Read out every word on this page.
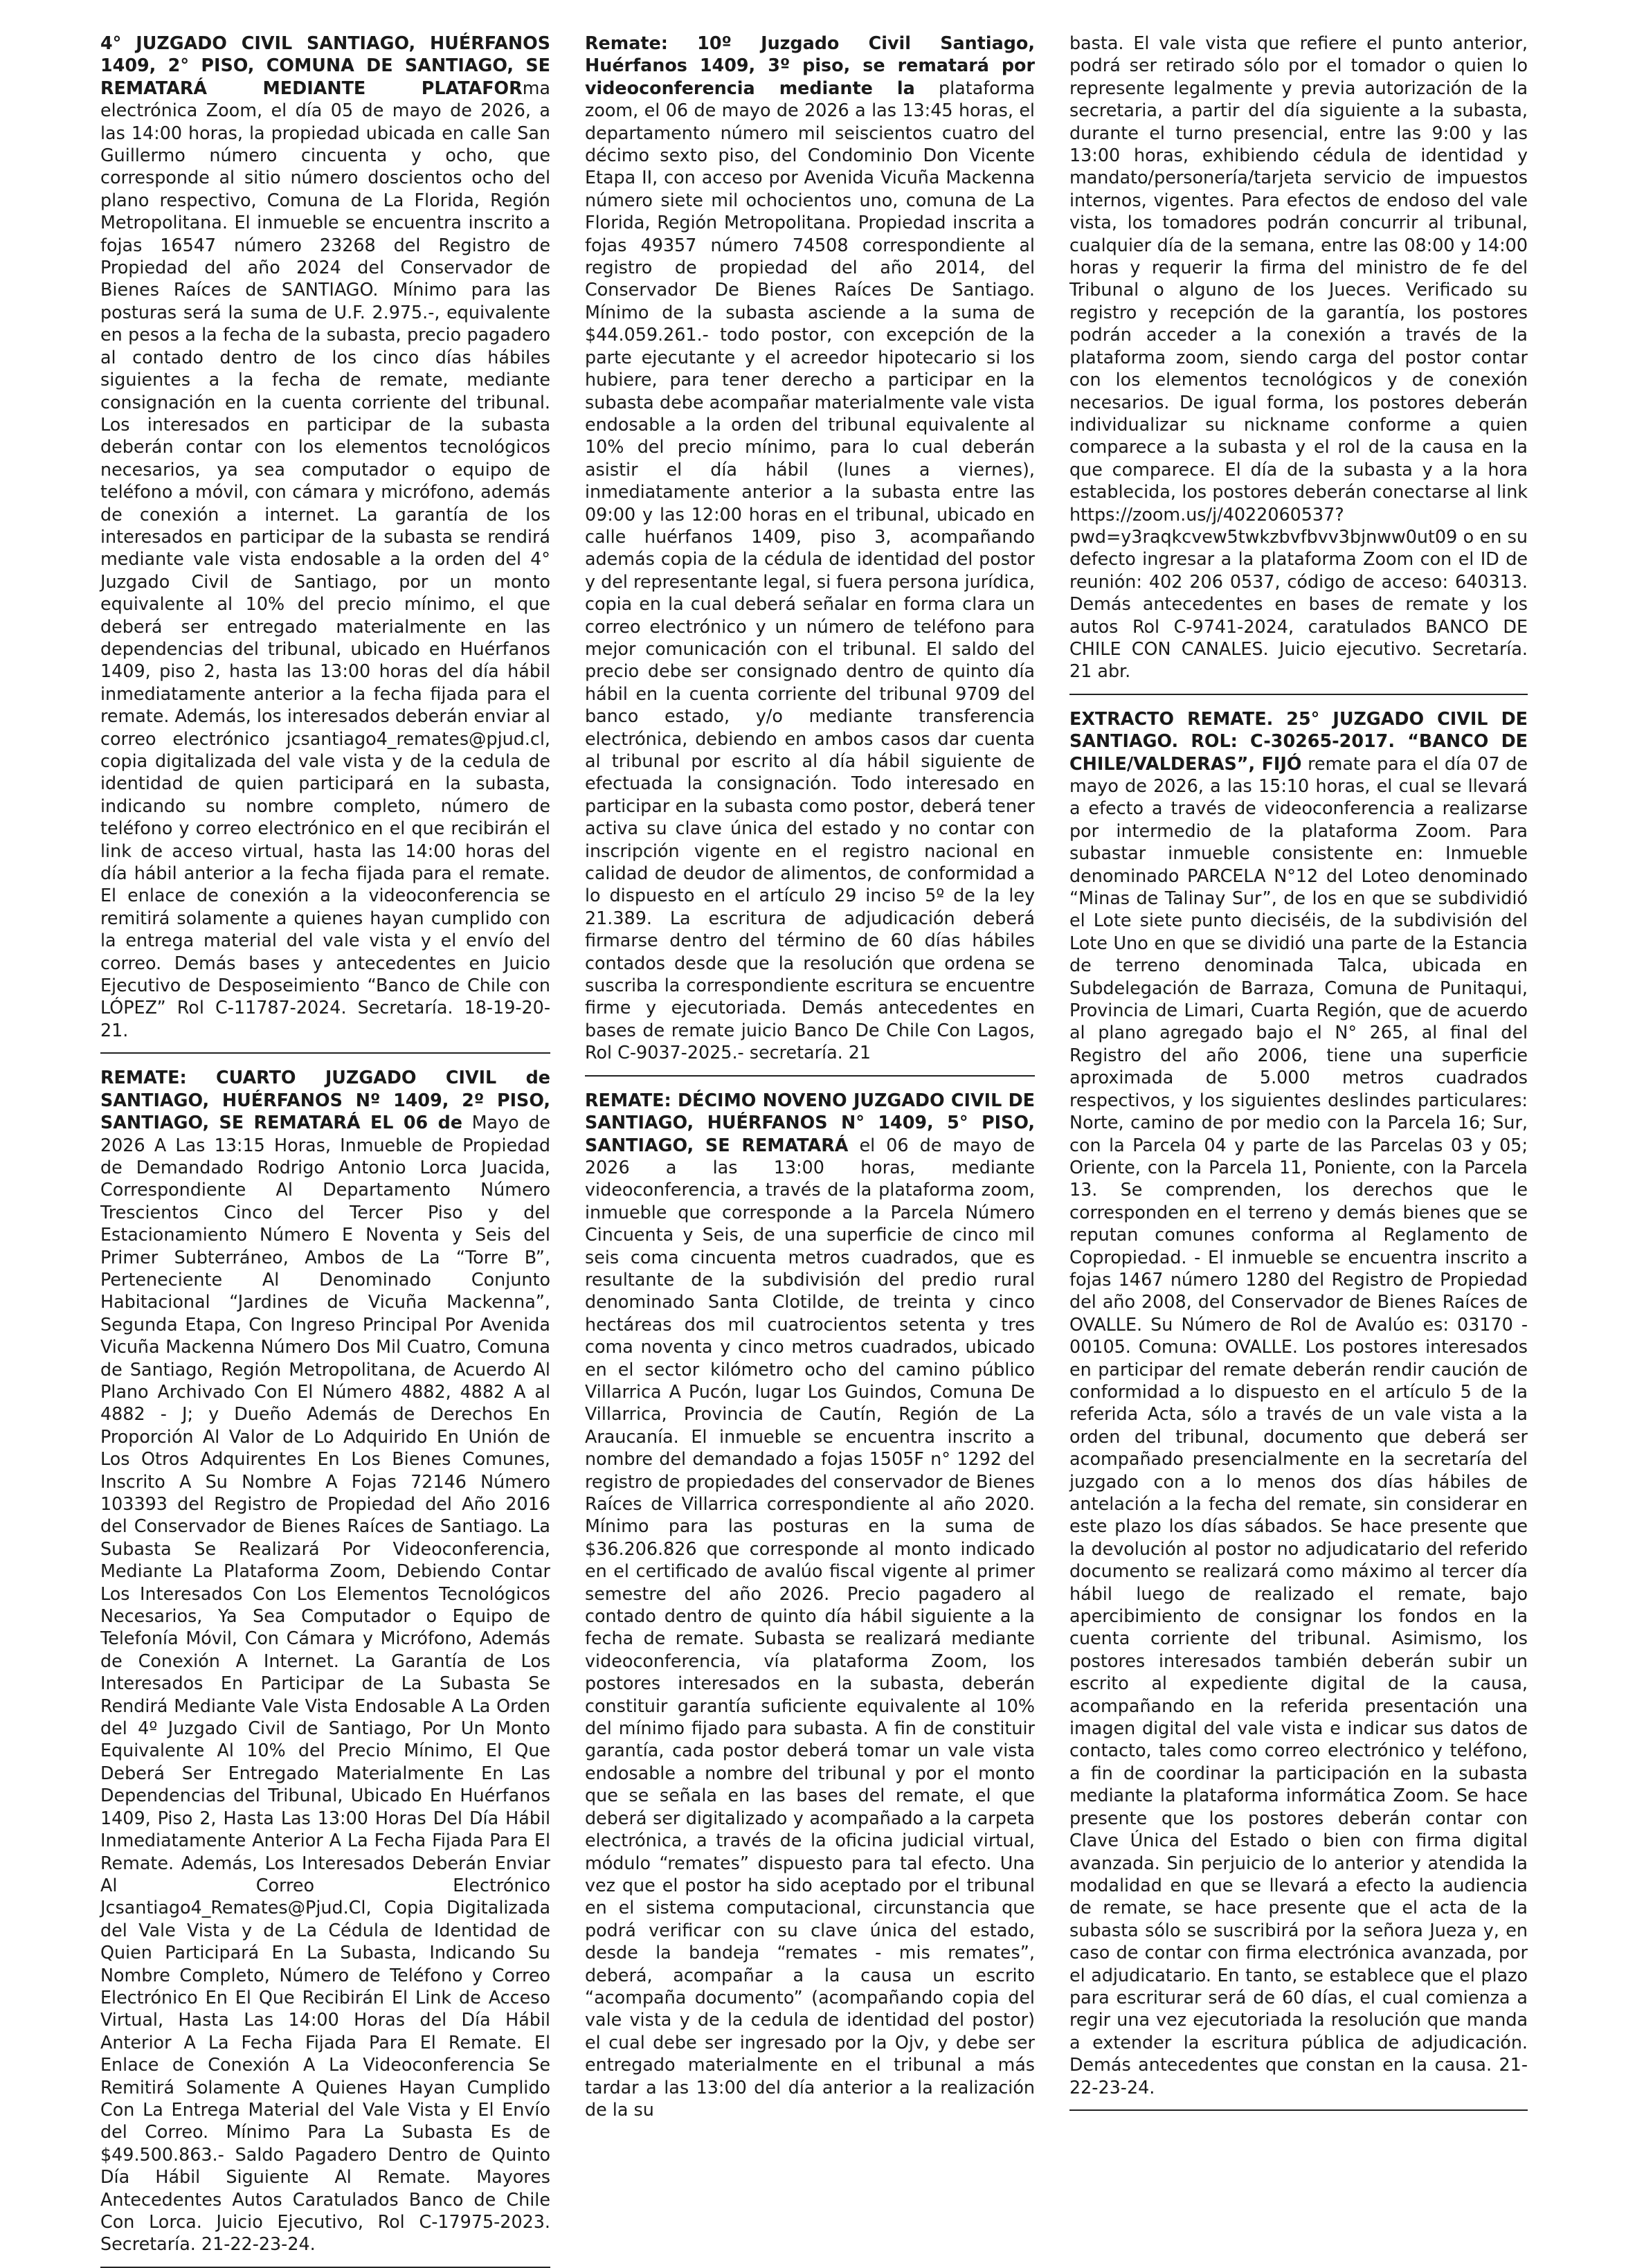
4° JUZGADO CIVIL SANTIAGO, HUÉRFANOS 1409, 2° PISO, COMUNA DE SANTIAGO, SE REMATARÁ MEDIANTE PLATAFORma electrónica Zoom, el día 05 de mayo de 2026, a las 14:00 horas, la propiedad ubicada en calle San Guillermo número cincuenta y ocho, que corresponde al sitio número doscientos ocho del plano respectivo, Comuna de La Florida, Región Metropolitana. El inmueble se encuentra inscrito a fojas 16547 número 23268 del Registro de Propiedad del año 2024 del Conservador de Bienes Raíces de SANTIAGO. Mínimo para las posturas será la suma de U.F. 2.975.-, equivalente en pesos a la fecha de la subasta, precio pagadero al contado dentro de los cinco días hábiles siguientes a la fecha de remate, mediante consignación en la cuenta corriente del tribunal. Los interesados en participar de la subasta deberán contar con los elementos tecnológicos necesarios, ya sea computador o equipo de teléfono a móvil, con cámara y micrófono, además de conexión a internet. La garantía de los interesados en participar de la subasta se rendirá mediante vale vista endosable a la orden del 4° Juzgado Civil de Santiago, por un monto equivalente al 10% del precio mínimo, el que deberá ser entregado materialmente en las dependencias del tribunal, ubicado en Huérfanos 1409, piso 2, hasta las 13:00 horas del día hábil inmediatamente anterior a la fecha fijada para el remate. Además, los interesados deberán enviar al correo electrónico jcsantiago4_remates@pjud.cl, copia digitalizada del vale vista y de la cedula de identidad de quien participará en la subasta, indicando su nombre completo, número de teléfono y correo electrónico en el que recibirán el link de acceso virtual, hasta las 14:00 horas del día hábil anterior a la fecha fijada para el remate. El enlace de conexión a la videoconferencia se remitirá solamente a quienes hayan cumplido con la entrega material del vale vista y el envío del correo. Demás bases y antecedentes en Juicio Ejecutivo de Desposeimiento “Banco de Chile con LÓPEZ” Rol C-11787-2024. Secretaría. 18-19-20-21.

REMATE: CUARTO JUZGADO CIVIL de SANTIAGO, HUÉRFANOS Nº 1409, 2º PISO, SANTIAGO, SE REMATARÁ EL 06 de Mayo de 2026 A Las 13:15 Horas, Inmueble de Propiedad de Demandado Rodrigo Antonio Lorca Juacida, Correspondiente Al Departamento Número Trescientos Cinco del Tercer Piso y del Estacionamiento Número E Noventa y Seis del Primer Subterráneo, Ambos de La “Torre B”, Perteneciente Al Denominado Conjunto Habitacional “Jardines de Vicuña Mackenna”, Segunda Etapa, Con Ingreso Principal Por Avenida Vicuña Mackenna Número Dos Mil Cuatro, Comuna de Santiago, Región Metropolitana, de Acuerdo Al Plano Archivado Con El Número 4882, 4882 A al 4882 - J; y Dueño Además de Derechos En Proporción Al Valor de Lo Adquirido En Unión de Los Otros Adquirentes En Los Bienes Comunes, Inscrito A Su Nombre A Fojas 72146 Número 103393 del Registro de Propiedad del Año 2016 del Conservador de Bienes Raíces de Santiago. La Subasta Se Realizará Por Videoconferencia, Mediante La Plataforma Zoom, Debiendo Contar Los Interesados Con Los Elementos Tecnológicos Necesarios, Ya Sea Computador o Equipo de Telefonía Móvil, Con Cámara y Micrófono, Además de Conexión A Internet. La Garantía de Los Interesados En Participar de La Subasta Se Rendirá Mediante Vale Vista Endosable A La Orden del 4º Juzgado Civil de Santiago, Por Un Monto Equivalente Al 10% del Precio Mínimo, El Que Deberá Ser Entregado Materialmente En Las Dependencias del Tribunal, Ubicado En Huérfanos 1409, Piso 2, Hasta Las 13:00 Horas Del Día Hábil Inmediatamente Anterior A La Fecha Fijada Para El Remate. Además, Los Interesados Deberán Enviar Al Correo Electrónico Jcsantiago4_Remates@Pjud.Cl, Copia Digitalizada del Vale Vista y de La Cédula de Identidad de Quien Participará En La Subasta, Indicando Su Nombre Completo, Número de Teléfono y Correo Electrónico En El Que Recibirán El Link de Acceso Virtual, Hasta Las 14:00 Horas del Día Hábil Anterior A La Fecha Fijada Para El Remate. El Enlace de Conexión A La Videoconferencia Se Remitirá Solamente A Quienes Hayan Cumplido Con La Entrega Material del Vale Vista y El Envío del Correo. Mínimo Para La Subasta Es de $49.500.863.- Saldo Pagadero Dentro de Quinto Día Hábil Siguiente Al Remate. Mayores Antecedentes Autos Caratulados Banco de Chile Con Lorca. Juicio Ejecutivo, Rol C-17975-2023. Secretaría. 21-22-23-24.

Remate: 10º Juzgado Civil Santiago, Huérfanos 1409, 3º piso, se rematará por videoconferencia mediante la plataforma zoom, el 06 de mayo de 2026 a las 13:45 horas, el departamento número mil seiscientos cuatro del décimo sexto piso, del Condominio Don Vicente Etapa II, con acceso por Avenida Vicuña Mackenna número siete mil ochocientos uno, comuna de La Florida, Región Metropolitana. Propiedad inscrita a fojas 49357 número 74508 correspondiente al registro de propiedad del año 2014, del Conservador De Bienes Raíces De Santiago. Mínimo de la subasta asciende a la suma de $44.059.261.- todo postor, con excepción de la parte ejecutante y el acreedor hipotecario si los hubiere, para tener derecho a participar en la subasta debe acompañar materialmente vale vista endosable a la orden del tribunal equivalente al 10% del precio mínimo, para lo cual deberán asistir el día hábil (lunes a viernes), inmediatamente anterior a la subasta entre las 09:00 y las 12:00 horas en el tribunal, ubicado en calle huérfanos 1409, piso 3, acompañando además copia de la cédula de identidad del postor y del representante legal, si fuera persona jurídica, copia en la cual deberá señalar en forma clara un correo electrónico y un número de teléfono para mejor comunicación con el tribunal. El saldo del precio debe ser consignado dentro de quinto día hábil en la cuenta corriente del tribunal 9709 del banco estado, y/o mediante transferencia electrónica, debiendo en ambos casos dar cuenta al tribunal por escrito al día hábil siguiente de efectuada la consignación. Todo interesado en participar en la subasta como postor, deberá tener activa su clave única del estado y no contar con inscripción vigente en el registro nacional en calidad de deudor de alimentos, de conformidad a lo dispuesto en el artículo 29 inciso 5º de la ley 21.389. La escritura de adjudicación deberá firmarse dentro del término de 60 días hábiles contados desde que la resolución que ordena se suscriba la correspondiente escritura se encuentre firme y ejecutoriada. Demás antecedentes en bases de remate juicio Banco De Chile Con Lagos, Rol C-9037-2025.- secretaría. 21

REMATE: DÉCIMO NOVENO JUZGADO CIVIL DE SANTIAGO, HUÉRFANOS N° 1409, 5° PISO, SANTIAGO, SE REMATARÁ el 06 de mayo de 2026 a las 13:00 horas, mediante videoconferencia, a través de la plataforma zoom, inmueble que corresponde a la Parcela Número Cincuenta y Seis, de una superficie de cinco mil seis coma cincuenta metros cuadrados, que es resultante de la subdivisión del predio rural denominado Santa Clotilde, de treinta y cinco hectáreas dos mil cuatrocientos setenta y tres coma noventa y cinco metros cuadrados, ubicado en el sector kilómetro ocho del camino público Villarrica A Pucón, lugar Los Guindos, Comuna De Villarrica, Provincia de Cautín, Región de La Araucanía. El inmueble se encuentra inscrito a nombre del demandado a fojas 1505F n° 1292 del registro de propiedades del conservador de Bienes Raíces de Villarrica correspondiente al año 2020. Mínimo para las posturas en la suma de $36.206.826 que corresponde al monto indicado en el certificado de avalúo fiscal vigente al primer semestre del año 2026. Precio pagadero al contado dentro de quinto día hábil siguiente a la fecha de remate. Subasta se realizará mediante videoconferencia, vía plataforma Zoom, los postores interesados en la subasta, deberán constituir garantía suficiente equivalente al 10% del mínimo fijado para subasta. A fin de constituir garantía, cada postor deberá tomar un vale vista endosable a nombre del tribunal y por el monto que se señala en las bases del remate, el que deberá ser digitalizado y acompañado a la carpeta electrónica, a través de la oficina judicial virtual, módulo “remates” dispuesto para tal efecto. Una vez que el postor ha sido aceptado por el tribunal en el sistema computacional, circunstancia que podrá verificar con su clave única del estado, desde la bandeja “remates - mis remates”, deberá, acompañar a la causa un escrito “acompaña documento” (acompañando copia del vale vista y de la cedula de identidad del postor) el cual debe ser ingresado por la Ojv, y debe ser entregado materialmente en el tribunal a más tardar a las 13:00 del día anterior a la realización de la su

basta. El vale vista que refiere el punto anterior, podrá ser retirado sólo por el tomador o quien lo represente legalmente y previa autorización de la secretaria, a partir del día siguiente a la subasta, durante el turno presencial, entre las 9:00 y las 13:00 horas, exhibiendo cédula de identidad y mandato/personería/tarjeta servicio de impuestos internos, vigentes. Para efectos de endoso del vale vista, los tomadores podrán concurrir al tribunal, cualquier día de la semana, entre las 08:00 y 14:00 horas y requerir la firma del ministro de fe del Tribunal o alguno de los Jueces. Verificado su registro y recepción de la garantía, los postores podrán acceder a la conexión a través de la plataforma zoom, siendo carga del postor contar con los elementos tecnológicos y de conexión necesarios. De igual forma, los postores deberán individualizar su nickname conforme a quien comparece a la subasta y el rol de la causa en la que comparece. El día de la subasta y a la hora establecida, los postores deberán conectarse al link https://zoom.us/j/4022060537?pwd=y3raqkcvew5twkzbvfbvv3bjnww0ut09 o en su defecto ingresar a la plataforma Zoom con el ID de reunión: 402 206 0537, código de acceso: 640313. Demás antecedentes en bases de remate y los autos Rol C-9741-2024, caratulados BANCO DE CHILE CON CANALES. Juicio ejecutivo. Secretaría. 21 abr.

EXTRACTO REMATE. 25° JUZGADO CIVIL DE SANTIAGO. ROL: C-30265-2017. “BANCO DE CHILE/VALDERAS”, FIJÓ remate para el día 07 de mayo de 2026, a las 15:10 horas, el cual se llevará a efecto a través de videoconferencia a realizarse por intermedio de la plataforma Zoom. Para subastar inmueble consistente en: Inmueble denominado PARCELA N°12 del Loteo denominado “Minas de Talinay Sur”, de los en que se subdividió el Lote siete punto dieciséis, de la subdivisión del Lote Uno en que se dividió una parte de la Estancia de terreno denominada Talca, ubicada en Subdelegación de Barraza, Comuna de Punitaqui, Provincia de Limari, Cuarta Región, que de acuerdo al plano agregado bajo el N° 265, al final del Registro del año 2006, tiene una superficie aproximada de 5.000 metros cuadrados respectivos, y los siguientes deslindes particulares: Norte, camino de por medio con la Parcela 16; Sur, con la Parcela 04 y parte de las Parcelas 03 y 05; Oriente, con la Parcela 11, Poniente, con la Parcela 13. Se comprenden, los derechos que le corresponden en el terreno y demás bienes que se reputan comunes conforma al Reglamento de Copropiedad. - El inmueble se encuentra inscrito a fojas 1467 número 1280 del Registro de Propiedad del año 2008, del Conservador de Bienes Raíces de OVALLE. Su Número de Rol de Avalúo es: 03170 - 00105. Comuna: OVALLE. Los postores interesados en participar del remate deberán rendir caución de conformidad a lo dispuesto en el artículo 5 de la referida Acta, sólo a través de un vale vista a la orden del tribunal, documento que deberá ser acompañado presencialmente en la secretaría del juzgado con a lo menos dos días hábiles de antelación a la fecha del remate, sin considerar en este plazo los días sábados. Se hace presente que la devolución al postor no adjudicatario del referido documento se realizará como máximo al tercer día hábil luego de realizado el remate, bajo apercibimiento de consignar los fondos en la cuenta corriente del tribunal. Asimismo, los postores interesados también deberán subir un escrito al expediente digital de la causa, acompañando en la referida presentación una imagen digital del vale vista e indicar sus datos de contacto, tales como correo electrónico y teléfono, a fin de coordinar la participación en la subasta mediante la plataforma informática Zoom. Se hace presente que los postores deberán contar con Clave Única del Estado o bien con firma digital avanzada. Sin perjuicio de lo anterior y atendida la modalidad en que se llevará a efecto la audiencia de remate, se hace presente que el acta de la subasta sólo se suscribirá por la señora Jueza y, en caso de contar con firma electrónica avanzada, por el adjudicatario. En tanto, se establece que el plazo para escriturar será de 60 días, el cual comienza a regir una vez ejecutoriada la resolución que manda a extender la escritura pública de adjudicación. Demás antecedentes que constan en la causa. 21-22-23-24.
